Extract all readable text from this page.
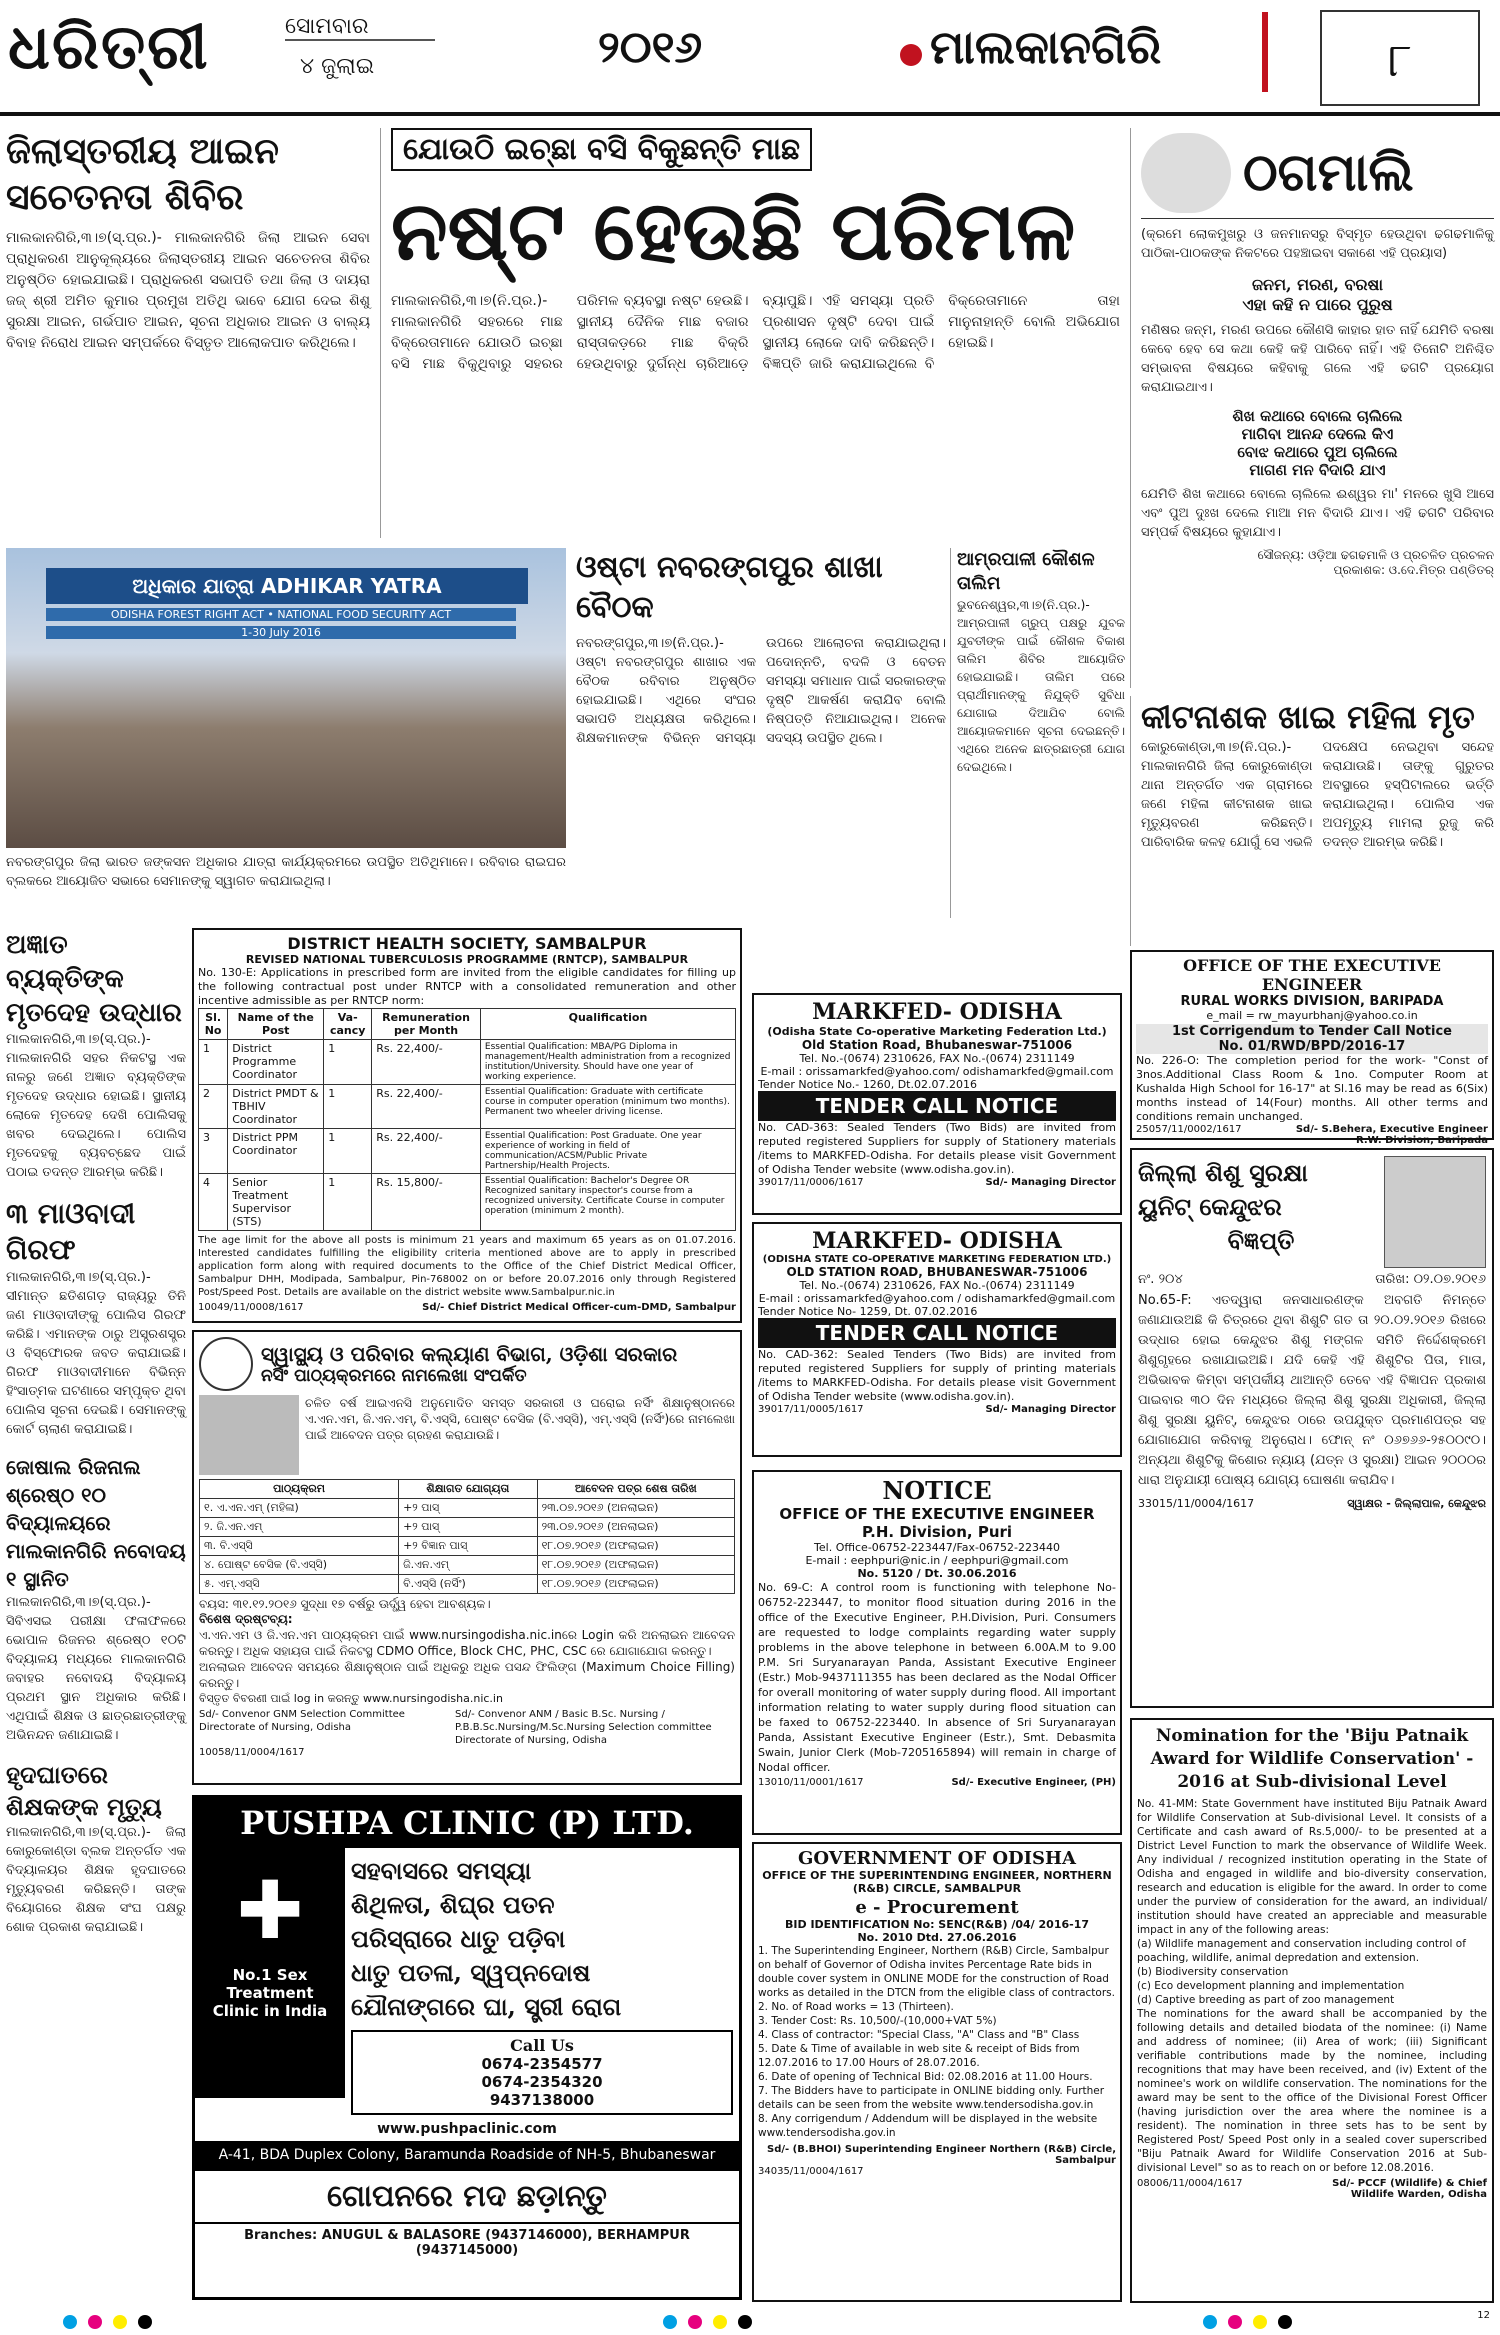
ଧରିତ୍ରୀ	ସୋମବାର
୪ ଜୁଲାଇ	୨୦୧୬	ମାଲକାନଗିରି	୮
ଜିଲାସ୍ତରୀୟ ଆଇନ ସଚେତନତା ଶିବିର
ମାଲକାନଗିରି,୩।୭(ସ୍.ପ୍ର.)- ମାଲକାନଗିରି ଜିଲା ଆଇନ ସେବା ପ୍ରାଧିକରଣ ଆନୁକୂଲ୍ୟରେ ଜିଲାସ୍ତରୀୟ ଆଇନ ସଚେତନତା ଶିବିର ଅନୁଷ୍ଠିତ ହୋଇଯାଇଛି। ପ୍ରାଧିକରଣ ସଭାପତି ତଥା ଜିଲା ଓ ଦାୟରା ଜଜ୍ ଶ୍ରୀ ଅମିତ କୁମାର ପ୍ରମୁଖ ଅତିଥି ଭାବେ ଯୋଗ ଦେଇ ଶିଶୁ ସୁରକ୍ଷା ଆଇନ, ଗର୍ଭପାତ ଆଇନ, ସୂଚନା ଅଧିକାର ଆଇନ ଓ ବାଲ୍ୟ ବିବାହ ନିରୋଧ ଆଇନ ସମ୍ପର୍କରେ ବିସ୍ତୃତ ଆଲୋକପାତ କରିଥିଲେ।
ଯୋଉଠି ଇଚ୍ଛା ବସି ବିକୁଛନ୍ତି ମାଛ
ନଷ୍ଟ ହେଉଛି ପରିମଳ
ମାଲକାନଗିରି,୩।୭(ନି.ପ୍ର.)- ମାଲକାନଗିରି ସହରରେ ମାଛ ବିକ୍ରେତାମାନେ ଯୋଉଠି ଇଚ୍ଛା ବସି ମାଛ ବିକୁଥିବାରୁ ସହରର ପରିମଳ ବ୍ୟବସ୍ଥା ନଷ୍ଟ ହେଉଛି। ସ୍ଥାନୀୟ ଦୈନିକ ମାଛ ବଜାର ରାସ୍ତାକଡ଼ରେ ମାଛ ବିକ୍ରି ହେଉଥିବାରୁ ଦୁର୍ଗନ୍ଧ ଚାରିଆଡ଼େ ବ୍ୟାପୁଛି। ଏହି ସମସ୍ୟା ପ୍ରତି ପ୍ରଶାସନ ଦୃଷ୍ଟି ଦେବା ପାଇଁ ସ୍ଥାନୀୟ ଲୋକେ ଦାବି କରିଛନ୍ତି। ବିଜ୍ଞପ୍ତି ଜାରି କରାଯାଇଥିଲେ ବି ବିକ୍ରେତାମାନେ ତାହା ମାନୁନାହାନ୍ତି ବୋଲି ଅଭିଯୋଗ ହୋଇଛି।
ଠଗମାଲି
(କ୍ରମେ ଲୋକମୁଖରୁ ଓ ଜନମାନସରୁ ବିସ୍ମୃତ ହେଉଥିବା ଢଗଢମାଳିକୁ ପାଠିକା-ପାଠକଙ୍କ ନିକଟରେ ପହଞ୍ଚାଇବା ସକାଶେ ଏହି ପ୍ରୟାସ)
ଜନମ, ମରଣ, ବରଷା
ଏହା କହି ନ ପାରେ ପୁରୁଷ
ମଣିଷର ଜନ୍ମ, ମରଣ ଉପରେ କୌଣସି କାହାର ହାତ ନାହିଁ ଯେମିତି ବରଷା କେବେ ହେବ ସେ କଥା କେହି କହି ପାରିବେ ନାହିଁ। ଏହି ତିନୋଟି ଅନିଶ୍ଚିତ ସମ୍ଭାବନା ବିଷୟରେ କହିବାକୁ ଗଲେ ଏହି ଢଗଟି ପ୍ରୟୋଗ କରାଯାଇଥାଏ।
ଶିଖ କଥାରେ ବୋଲେ ଚାଲିଲେ
ମାଗିବା ଆନନ୍ଦ ଦେଲେ କିଏ
ବୋଝ କଥାରେ ପୁଅ ଚାଲିଲେ
ମାଗଣ ମନ ବିଦାରି ଯାଏ
ଯେମିତି ଶିଖ କଥାରେ ବୋଲେ ଚାଲିଲେ ଈଶ୍ୱର ମା' ମନରେ ଖୁସି ଆସେ ଏବଂ ପୁଅ ଦୁଃଖ ଦେଲେ ମାଆ ମନ ବିଦାରି ଯାଏ। ଏହି ଢଗଟି ପରିବାର ସମ୍ପର୍କ ବିଷୟରେ କୁହାଯାଏ।
ସୌଜନ୍ୟ: ଓଡ଼ିଆ ଢଗଢମାଳି ଓ ପ୍ରଚଳିତ ପ୍ରଚଳନ
ପ୍ରକାଶକ: ଓ.ଦେ.ମିତ୍ର ପଣ୍ଡିତର୍
ଅଧିକାର ଯାତ୍ରା ADHIKAR YATRA
ODISHA FOREST RIGHT ACT • NATIONAL FOOD SECURITY ACT
1-30 July 2016
ନବରଙ୍ଗପୁର ଜିଲା ଭାରତ ଜଙ୍କସନ ଅଧିକାର ଯାତ୍ରା କାର୍ଯ୍ୟକ୍ରମରେ ଉପସ୍ଥିତ ଅତିଥିମାନେ। ରବିବାର ରାଇଘର ବ୍ଲକରେ ଆୟୋଜିତ ସଭାରେ ସେମାନଙ୍କୁ ସ୍ୱାଗତ କରାଯାଇଥିଲା।
ଓଷ୍ଟା ନବରଙ୍ଗପୁର ଶାଖା ବୈଠକ
ନବରଙ୍ଗପୁର,୩।୭(ନି.ପ୍ର.)- ଓଷ୍ଟା ନବରଙ୍ଗପୁର ଶାଖାର ଏକ ବୈଠକ ରବିବାର ଅନୁଷ୍ଠିତ ହୋଇଯାଇଛି। ଏଥିରେ ସଂଘର ସଭାପତି ଅଧ୍ୟକ୍ଷତା କରିଥିଲେ। ଶିକ୍ଷକମାନଙ୍କ ବିଭିନ୍ନ ସମସ୍ୟା ଉପରେ ଆଲୋଚନା କରାଯାଇଥିଲା। ପଦୋନ୍ନତି, ବଦଳି ଓ ବେତନ ସମସ୍ୟା ସମାଧାନ ପାଇଁ ସରକାରଙ୍କ ଦୃଷ୍ଟି ଆକର୍ଷଣ କରାଯିବ ବୋଲି ନିଷ୍ପତ୍ତି ନିଆଯାଇଥିଲା। ଅନେକ ସଦସ୍ୟ ଉପସ୍ଥିତ ଥିଲେ।
ଆମ୍ରପାଳୀ କୌଶଳ ତାଲିମ
ଭୁବନେଶ୍ୱର,୩।୭(ନି.ପ୍ର.)- ଆମ୍ରପାଳୀ ଗ୍ରୁପ୍ ପକ୍ଷରୁ ଯୁବକ ଯୁବତୀଙ୍କ ପାଇଁ କୌଶଳ ବିକାଶ ତାଲିମ ଶିବିର ଆୟୋଜିତ ହୋଇଯାଇଛି। ତାଲିମ ପରେ ପ୍ରାର୍ଥୀମାନଙ୍କୁ ନିଯୁକ୍ତି ସୁବିଧା ଯୋଗାଇ ଦିଆଯିବ ବୋଲି ଆୟୋଜକମାନେ ସୂଚନା ଦେଇଛନ୍ତି। ଏଥିରେ ଅନେକ ଛାତ୍ରଛାତ୍ରୀ ଯୋଗ ଦେଇଥିଲେ।
କୀଟନାଶକ ଖାଇ ମହିଳା ମୃତ
କୋରୁକୋଣ୍ଡା,୩।୭(ନି.ପ୍ର.)- ମାଲକାନଗିରି ଜିଲା କୋରୁକୋଣ୍ଡା ଥାନା ଅନ୍ତର୍ଗତ ଏକ ଗ୍ରାମରେ ଜଣେ ମହିଳା କୀଟନାଶକ ଖାଇ ମୃତ୍ୟୁବରଣ କରିଛନ୍ତି। ପାରିବାରିକ କଳହ ଯୋଗୁଁ ସେ ଏଭଳି ପଦକ୍ଷେପ ନେଇଥିବା ସନ୍ଦେହ କରାଯାଉଛି। ତାଙ୍କୁ ଗୁରୁତର ଅବସ୍ଥାରେ ହସ୍ପିଟାଲରେ ଭର୍ତ୍ତି କରାଯାଇଥିଲା। ପୋଲିସ ଏକ ଅପମୃତ୍ୟୁ ମାମଲା ରୁଜୁ କରି ତଦନ୍ତ ଆରମ୍ଭ କରିଛି।
ଅଜ୍ଞାତ ବ୍ୟକ୍ତିଙ୍କ ମୃତଦେହ ଉଦ୍ଧାର
ମାଲକାନଗିରି,୩।୭(ସ୍.ପ୍ର.)- ମାଲକାନଗିରି ସହର ନିକଟସ୍ଥ ଏକ ନାଳରୁ ଜଣେ ଅଜ୍ଞାତ ବ୍ୟକ୍ତିଙ୍କ ମୃତଦେହ ଉଦ୍ଧାର ହୋଇଛି। ସ୍ଥାନୀୟ ଲୋକେ ମୃତଦେହ ଦେଖି ପୋଲିସକୁ ଖବର ଦେଇଥିଲେ। ପୋଲିସ ମୃତଦେହକୁ ବ୍ୟବଚ୍ଛେଦ ପାଇଁ ପଠାଇ ତଦନ୍ତ ଆରମ୍ଭ କରିଛି।
୩ ମାଓବାଦୀ ଗିରଫ
ମାଲକାନଗିରି,୩।୭(ସ୍.ପ୍ର.)- ସୀମାନ୍ତ ଛତିଶଗଡ଼ ରାଜ୍ୟରୁ ତିନି ଜଣ ମାଓବାଦୀଙ୍କୁ ପୋଲିସ ଗିରଫ କରିଛି। ଏମାନଙ୍କ ଠାରୁ ଅସ୍ତ୍ରଶସ୍ତ୍ର ଓ ବିସ୍ଫୋରକ ଜବତ କରାଯାଇଛି। ଗିରଫ ମାଓବାଦୀମାନେ ବିଭିନ୍ନ ହିଂସାତ୍ମକ ଘଟଣାରେ ସମ୍ପୃକ୍ତ ଥିବା ପୋଲିସ ସୂଚନା ଦେଇଛି। ସେମାନଙ୍କୁ କୋର୍ଟ ଚାଲାଣ କରାଯାଇଛି।
ଜୋଷାଲ ରିଜନାଲ ଶ୍ରେଷ୍ଠ ୧୦ ବିଦ୍ୟାଳୟରେ ମାଲକାନଗିରି ନବୋଦୟ ୧ ସ୍ଥାନିତ
ମାଲକାନଗିରି,୩।୭(ସ୍.ପ୍ର.)- ସିବିଏସଇ ପରୀକ୍ଷା ଫଳାଫଳରେ ଭୋପାଳ ରିଜନର ଶ୍ରେଷ୍ଠ ୧୦ଟି ବିଦ୍ୟାଳୟ ମଧ୍ୟରେ ମାଲକାନଗିରି ଜବାହର ନବୋଦୟ ବିଦ୍ୟାଳୟ ପ୍ରଥମ ସ୍ଥାନ ଅଧିକାର କରିଛି। ଏଥିପାଇଁ ଶିକ୍ଷକ ଓ ଛାତ୍ରଛାତ୍ରୀଙ୍କୁ ଅଭିନନ୍ଦନ ଜଣାଯାଇଛି।
ହୃଦଘାତରେ ଶିକ୍ଷକଙ୍କ ମୃତ୍ୟୁ
ମାଲକାନଗିରି,୩।୭(ସ୍.ପ୍ର.)- ଜିଲା କୋରୁକୋଣ୍ଡା ବ୍ଲକ ଅନ୍ତର୍ଗତ ଏକ ବିଦ୍ୟାଳୟର ଶିକ୍ଷକ ହୃଦଘାତରେ ମୃତ୍ୟୁବରଣ କରିଛନ୍ତି। ତାଙ୍କ ବିୟୋଗରେ ଶିକ୍ଷକ ସଂଘ ପକ୍ଷରୁ ଶୋକ ପ୍ରକାଶ କରାଯାଇଛି।
DISTRICT HEALTH SOCIETY, SAMBALPUR
REVISED NATIONAL TUBERCULOSIS PROGRAMME (RNTCP), SAMBALPUR
No. 130-E: Applications in prescribed form are invited from the eligible candidates for filling up the following contractual post under RNTCP with a consolidated remuneration and other incentive admissible as per RNTCP norm:
Sl. No	Name of the Post	Va-cancy	Remuneration per Month	Qualification
1	District Programme Coordinator	1	Rs. 22,400/-	Essential Qualification: MBA/PG Diploma in management/Health administration from a recognized institution/University. Should have one year of working experience.
2	District PMDT & TBHIV Coordinator	1	Rs. 22,400/-	Essential Qualification: Graduate with certificate course in computer operation (minimum two months). Permanent two wheeler driving license.
3	District PPM Coordinator	1	Rs. 22,400/-	Essential Qualification: Post Graduate. One year experience of working in field of communication/ACSM/Public Private Partnership/Health Projects.
4	Senior Treatment Supervisor (STS)	1	Rs. 15,800/-	Essential Qualification: Bachelor's Degree OR Recognized sanitary inspector's course from a recognized university. Certificate Course in computer operation (minimum 2 month).
The age limit for the above all posts is minimum 21 years and maximum 65 years as on 01.07.2016. Interested candidates fulfilling the eligibility criteria mentioned above are to apply in prescribed application form along with required documents to the Office of the Chief District Medical Officer, Sambalpur DHH, Modipada, Sambalpur, Pin-768002 on or before 20.07.2016 only through Registered Post/Speed Post. Details are available on the district website www.Sambalpur.nic.in
10049/11/0008/1617	Sd/- Chief District Medical Officer-cum-DMD, Sambalpur
ସ୍ୱାସ୍ଥ୍ୟ ଓ ପରିବାର କଲ୍ୟାଣ ବିଭାଗ, ଓଡ଼ିଶା ସରକାର
ନର୍ସିଂ ପାଠ୍ୟକ୍ରମରେ ନାମଲେଖା ସଂପର୍କିତ
ଚଳିତ ବର୍ଷ ଆଇଏନସି ଅନୁମୋଦିତ ସମସ୍ତ ସରକାରୀ ଓ ଘରୋଇ ନର୍ସିଂ ଶିକ୍ଷାନୁଷ୍ଠାନରେ ଏ.ଏନ.ଏମ, ଜି.ଏନ.ଏମ୍, ବି.ଏସ୍ସି, ପୋଷ୍ଟ ବେସିକ (ବି.ଏସ୍ସି), ଏମ୍.ଏସ୍ସି (ନର୍ସିଂ)ରେ ନାମଲେଖା ପାଇଁ ଆବେଦନ ପତ୍ର ଗ୍ରହଣ କରାଯାଉଛି।
ପାଠ୍ୟକ୍ରମ	ଶିକ୍ଷାଗତ ଯୋଗ୍ୟତା	ଆବେଦନ ପତ୍ର ଶେଷ ତାରିଖ
୧. ଏ.ଏନ.ଏମ୍ (ମହିଳା)	+୨ ପାସ୍	୨୩.୦୭.୨୦୧୬ (ଅନଲାଇନ)
୨. ଜି.ଏନ.ଏମ୍	+୨ ପାସ୍	୨୩.୦୭.୨୦୧୬ (ଅନଲାଇନ)
୩. ବି.ଏସ୍ସି	+୨ ବିଜ୍ଞାନ ପାସ୍	୧୮.୦୭.୨୦୧୬ (ଅଫଲାଇନ)
୪. ପୋଷ୍ଟ ବେସିକ (ବି.ଏସ୍ସି)	ଜି.ଏନ.ଏମ୍	୧୮.୦୭.୨୦୧୬ (ଅଫଲାଇନ)
୫. ଏମ୍.ଏସ୍ସି	ବି.ଏସ୍ସି (ନର୍ସିଂ)	୧୮.୦୭.୨୦୧୬ (ଅଫଲାଇନ)
ବୟସ: ୩୧.୧୨.୨୦୧୬ ସୁଦ୍ଧା ୧୭ ବର୍ଷରୁ ଊର୍ଦ୍ଧ୍ୱ ହେବା ଆବଶ୍ୟକ।
ବିଶେଷ ଦ୍ରଷ୍ଟବ୍ୟ:
ଏ.ଏନ.ଏମ ଓ ଜି.ଏନ.ଏମ ପାଠ୍ୟକ୍ରମ ପାଇଁ www.nursingodisha.nic.inରେ Login କରି ଅନଲାଇନ ଆବେଦନ କରନ୍ତୁ। ଅଧିକ ସହାୟତା ପାଇଁ ନିକଟସ୍ଥ CDMO Office, Block CHC, PHC, CSC ରେ ଯୋଗାଯୋଗ କରନ୍ତୁ।
ଅନଲାଇନ ଆବେଦନ ସମୟରେ ଶିକ୍ଷାନୁଷ୍ଠାନ ପାଇଁ ଅଧିକରୁ ଅଧିକ ପସନ୍ଦ ଫିଲିଙ୍ଗ (Maximum Choice Filling) କରନ୍ତୁ।
ବିସ୍ତୃତ ବିବରଣୀ ପାଇଁ log in କରନ୍ତୁ www.nursingodisha.nic.in
Sd/- Convenor GNM Selection Committee Directorate of Nursing, Odisha
Sd/- Convenor ANM / Basic B.Sc. Nursing / P.B.B.Sc.Nursing/M.Sc.Nursing Selection committee Directorate of Nursing, Odisha
10058/11/0004/1617
PUSHPA CLINIC (P) LTD.
✚
No.1 Sex Treatment Clinic in India
ସହବାସରେ ସମସ୍ୟା
ଶିଥିଳତା, ଶିଘ୍ର ପତନ
ପରିସ୍ରାରେ ଧାତୁ ପଡ଼ିବା
ଧାତୁ ପତଳା, ସ୍ୱପ୍ନଦୋଷ
ଯୌନାଙ୍ଗରେ ଘା, ସ୍ତ୍ରୀ ରୋଗ
Call Us
0674-2354577
0674-2354320
9437138000
www.pushpaclinic.com
A-41, BDA Duplex Colony, Baramunda Roadside of NH-5, Bhubaneswar
ଗୋପନରେ ମଦ ଛଡ଼ାନ୍ତୁ
Branches: ANUGUL & BALASORE (9437146000), BERHAMPUR (9437145000)
MARKFED- ODISHA
(Odisha State Co-operative Marketing Federation Ltd.)
Old Station Road, Bhubaneswar-751006
Tel. No.-(0674) 2310626, FAX No.-(0674) 2311149
E-mail : orissamarkfed@yahoo.com/ odishamarkfed@gmail.com
Tender Notice No.- 1260, Dt.02.07.2016
TENDER CALL NOTICE
No. CAD-363: Sealed Tenders (Two Bids) are invited from reputed registered Suppliers for supply of Stationery materials /items to MARKFED-Odisha. For details please visit Government of Odisha Tender website (www.odisha.gov.in).
39017/11/0006/1617	Sd/- Managing Director
MARKFED- ODISHA
(ODISHA STATE CO-OPERATIVE MARKETING FEDERATION LTD.)
OLD STATION ROAD, BHUBANESWAR-751006
Tel. No.-(0674) 2310626, FAX No.-(0674) 2311149
E-mail : orissamarkfed@yahoo.com / odishamarkfed@gmail.com
Tender Notice No- 1259, Dt. 07.02.2016
TENDER CALL NOTICE
No. CAD-362: Sealed Tenders (Two Bids) are invited from reputed registered Suppliers for supply of printing materials /items to MARKFED-Odisha. For details please visit Government of Odisha Tender website (www.odisha.gov.in).
39017/11/0005/1617	Sd/- Managing Director
NOTICE
OFFICE OF THE EXECUTIVE ENGINEER
P.H. Division, Puri
Tel. Office-06752-223447/Fax-06752-223440
E-mail : eephpuri@nic.in / eephpuri@gmail.com
No. 5120 / Dt. 30.06.2016
No. 69-C: A control room is functioning with telephone No- 06752-223447, to monitor flood situation during 2016 in the office of the Executive Engineer, P.H.Division, Puri. Consumers are requested to lodge complaints regarding water supply problems in the above telephone in between 6.00A.M to 9.00 P.M. Sri Suryanarayan Panda, Assistant Executive Engineer (Estr.) Mob-9437111355 has been declared as the Nodal Officer for overall monitoring of water supply during flood. All important information relating to water supply during flood situation can be faxed to 06752-223440. In absence of Sri Suryanarayan Panda, Assistant Executive Engineer (Estr.), Smt. Debasmita Swain, Junior Clerk (Mob-7205165894) will remain in charge of Nodal officer.
13010/11/0001/1617	Sd/- Executive Engineer, (PH)
GOVERNMENT OF ODISHA
OFFICE OF THE SUPERINTENDING ENGINEER, NORTHERN (R&B) CIRCLE, SAMBALPUR
e - Procurement
BID IDENTIFICATION No: SENC(R&B) /04/ 2016-17
No. 2010 Dtd. 27.06.2016
1. The Superintending Engineer, Northern (R&B) Circle, Sambalpur on behalf of Governor of Odisha invites Percentage Rate bids in double cover system in ONLINE MODE for the construction of Road works as detailed in the DTCN from the eligible class of contractors.
2. No. of Road works = 13 (Thirteen).
3. Tender Cost: Rs. 10,500/-(10,000+VAT 5%)
4. Class of contractor: "Special Class, "A" Class and "B" Class
5. Date & Time of available in web site & receipt of Bids from 12.07.2016 to 17.00 Hours of 28.07.2016.
6. Date of opening of Technical Bid: 02.08.2016 at 11.00 Hours.
7. The Bidders have to participate in ONLINE bidding only. Further details can be seen from the website www.tendersodisha.gov.in
8. Any corrigendum / Addendum will be displayed in the website www.tendersodisha.gov.in
Sd/- (B.BHOI) Superintending Engineer Northern (R&B) Circle, Sambalpur
34035/11/0004/1617
OFFICE OF THE EXECUTIVE ENGINEER
RURAL WORKS DIVISION, BARIPADA
e_mail = rw_mayurbhanj@yahoo.co.in
1st Corrigendum to Tender Call Notice
No. 01/RWD/BPD/2016-17
No. 226-O: The completion period for the work- "Const of 3nos.Additional Class Room & 1no. Computer Room at Kushalda High School for 16-17" at Sl.16 may be read as 6(Six) months instead of 14(Four) months. All other terms and conditions remain unchanged.
25057/11/0002/1617	Sd/- S.Behera, Executive Engineer R.W. Division, Baripada
ଜିଲ୍ଲା ଶିଶୁ ସୁରକ୍ଷା
ୟୁନିଟ୍ କେନ୍ଦୁଝର
ବିଜ୍ଞପ୍ତି
ନଂ. ୨୦୪	ତାରିଖ: ୦୨.୦୭.୨୦୧୬
No.65-F: ଏତଦ୍ୱାରା ଜନସାଧାରଣଙ୍କ ଅବଗତି ନିମନ୍ତେ ଜଣାଯାଉଅଛି କି ଚିତ୍ରରେ ଥିବା ଶିଶୁଟି ଗତ ତା ୨୦.୦୨.୨୦୧୬ ରିଖରେ ଉଦ୍ଧାର ହୋଇ କେନ୍ଦୁଝର ଶିଶୁ ମଙ୍ଗଳ ସମିତି ନିର୍ଦ୍ଦେଶକ୍ରମେ ଶିଶୁଗୃହରେ ରଖାଯାଇଅଛି। ଯଦି କେହି ଏହି ଶିଶୁଟିର ପିତା, ମାତା, ଅଭିଭାବକ କିମ୍ବା ସମ୍ପର୍କୀୟ ଥାଆନ୍ତି ତେବେ ଏହି ବିଜ୍ଞାପନ ପ୍ରକାଶ ପାଇବାର ୩୦ ଦିନ ମଧ୍ୟରେ ଜିଲ୍ଲା ଶିଶୁ ସୁରକ୍ଷା ଅଧିକାରୀ, ଜିଲ୍ଲା ଶିଶୁ ସୁରକ୍ଷା ୟୁନିଟ୍, କେନ୍ଦୁଝର ଠାରେ ଉପଯୁକ୍ତ ପ୍ରମାଣପତ୍ର ସହ ଯୋଗାଯୋଗ କରିବାକୁ ଅନୁରୋଧ। ଫୋନ୍ ନଂ ୦୬୭୬୬-୨୫୦୦୯୦। ଅନ୍ୟଥା ଶିଶୁଟିକୁ କିଶୋର ନ୍ୟାୟ (ଯତ୍ନ ଓ ସୁରକ୍ଷା) ଆଇନ ୨୦୦୦ର ଧାରା ଅନୁଯାୟୀ ପୋଷ୍ୟ ଯୋଗ୍ୟ ଘୋଷଣା କରାଯିବ।
33015/11/0004/1617	ସ୍ୱାକ୍ଷର - ଜିଲ୍ଲାପାଳ, କେନ୍ଦୁଝର
Nomination for the 'Biju Patnaik Award for Wildlife Conservation' - 2016 at Sub-divisional Level
No. 41-MM: State Government have instituted Biju Patnaik Award for Wildlife Conservation at Sub-divisional Level. It consists of a Certificate and cash award of Rs.5,000/- to be presented at a District Level Function to mark the observance of Wildlife Week. Any individual / recognized institution operating in the State of Odisha and engaged in wildlife and bio-diversity conservation, research and education is eligible for the award. In order to come under the purview of consideration for the award, an individual/ institution should have created an appreciable and measurable impact in any of the following areas:
(a) Wildlife management and conservation including control of poaching, wildlife, animal depredation and extension.
(b) Biodiversity conservation
(c) Eco development planning and implementation
(d) Captive breeding as part of zoo management
The nominations for the award shall be accompanied by the following details and detailed biodata of the nominee: (i) Name and address of nominee; (ii) Area of work; (iii) Significant verifiable contributions made by the nominee, including recognitions that may have been received, and (iv) Extent of the nominee's work on wildlife conservation. The nominations for the award may be sent to the office of the Divisional Forest Officer (having jurisdiction over the area where the nominee is a resident). The nomination in three sets has to be sent by Registered Post/ Speed Post only in a sealed cover superscribed "Biju Patnaik Award for Wildlife Conservation 2016 at Sub-divisional Level" so as to reach on or before 12.08.2016.
08006/11/0004/1617	Sd/- PCCF (Wildlife) & Chief Wildlife Warden, Odisha

12
